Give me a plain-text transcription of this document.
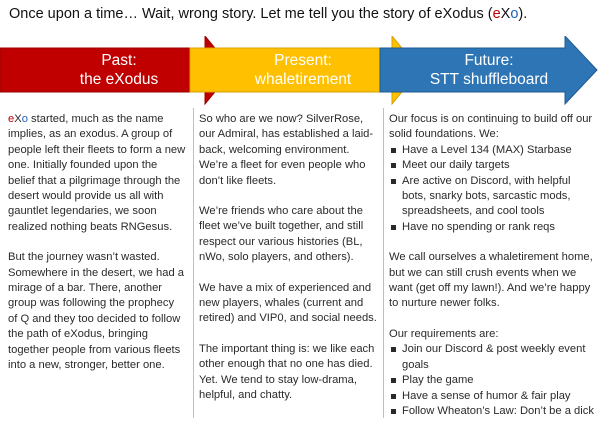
Once upon a time… Wait, wrong story. Let me tell you the story of eXodus (eXo).
Past:
the eXodus
Present:
whaletirement
Future:
STT shuffleboard

eXo started, much as the name implies, as an exodus. A group of people left their fleets to form a new one. Initially founded upon the belief that a pilgrimage through the desert would provide us all with gauntlet legendaries, we soon realized nothing beats RNGesus.

But the journey wasn’t wasted. Somewhere in the desert, we had a mirage of a bar. There, another group was following the prophecy of Q and they too decided to follow the path of eXodus, bringing together people from various fleets into a new, stronger, better one.

So who are we now? SilverRose, our Admiral, has established a laid-back, welcoming environment. We’re a fleet for even people who don’t like fleets.

We’re friends who care about the fleet we’ve built together, and still respect our various histories (BL, nWo, solo players, and others).

We have a mix of experienced and new players, whales (current and retired) and VIP0, and social needs.

The important thing is: we like each other enough that no one has died. Yet. We tend to stay low-drama, helpful, and chatty.

Our focus is on continuing to build off our solid foundations. We:
Have a Level 134 (MAX) Starbase
Meet our daily targets
Are active on Discord, with helpful bots, snarky bots, sarcastic mods, spreadsheets, and cool tools
Have no spending or rank reqs

We call ourselves a whaletirement home, but we can still crush events when we want (get off my lawn!). And we’re happy to nurture newer folks.

Our requirements are:
Join our Discord & post weekly event goals
Play the game
Have a sense of humor & fair play
Follow Wheaton’s Law: Don’t be a dick
